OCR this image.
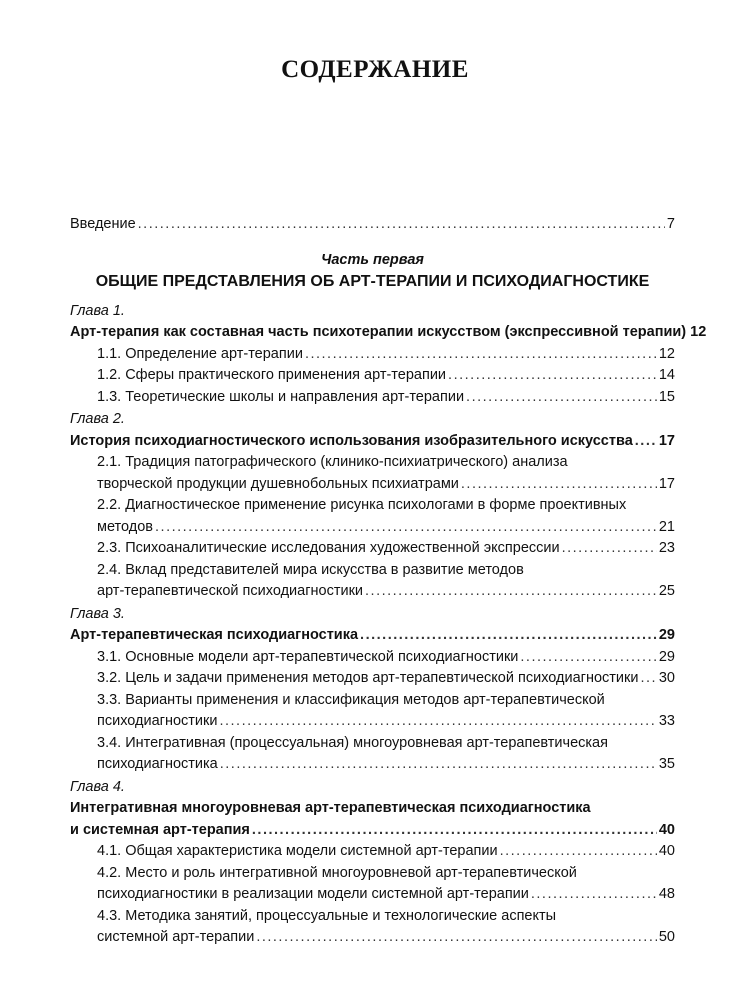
СОДЕРЖАНИЕ
Введение .....	7
Часть первая
ОБЩИЕ ПРЕДСТАВЛЕНИЯ ОБ АРТ-ТЕРАПИИ И ПСИХОДИАГНОСТИКЕ
Глава 1.
Арт-терапия как составная часть психотерапии искусством (экспрессивной терапии) 12
1.1. Определение арт-терапии .....	12
1.2. Сферы практического применения арт-терапии .....	14
1.3. Теоретические школы и направления арт-терапии .....	15
Глава 2.
История психодиагностического использования изобразительного искусства ..... 17
2.1. Традиция патографического (клинико-психиатрического) анализа
творческой продукции душевнобольных психиатрами .....	17
2.2. Диагностическое применение рисунка психологами в форме проективных
методов .....	21
2.3. Психоаналитические исследования художественной экспрессии .....	23
2.4. Вклад представителей мира искусства в развитие методов
арт-терапевтической психодиагностики .....	25
Глава 3.
Арт-терапевтическая психодиагностика .....	29
3.1. Основные модели арт-терапевтической психодиагностики .....	29
3.2. Цель и задачи применения методов арт-терапевтической психодиагностики ..... 30
3.3. Варианты применения и классификация методов арт-терапевтической
психодиагностики .....	33
3.4. Интегративная (процессуальная) многоуровневая арт-терапевтическая
психодиагностика .....	35
Глава 4.
Интегративная многоуровневая арт-терапевтическая психодиагностика
и системная арт-терапия .....	40
4.1. Общая характеристика модели системной арт-терапии .....	40
4.2. Место и роль интегративной многоуровневой арт-терапевтической
психодиагностики в реализации модели системной арт-терапии .....	48
4.3. Методика занятий, процессуальные и технологические аспекты
системной арт-терапии .....	50
